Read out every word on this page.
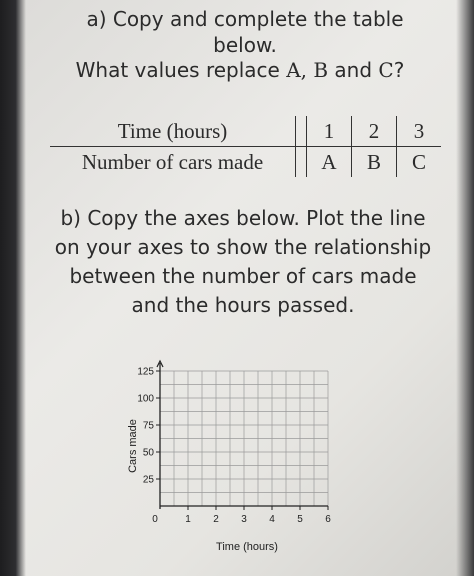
a) Copy and complete the table
below.
What values replace A, B and C?
Time (hours)		1	2	3
Number of cars made		A	B	C
b) Copy the axes below. Plot the line
on your axes to show the relationship
between the number of cars made
and the hours passed.
0	1 2 3 4 5 6
25
50
75
100
125
Time (hours)
Cars made
